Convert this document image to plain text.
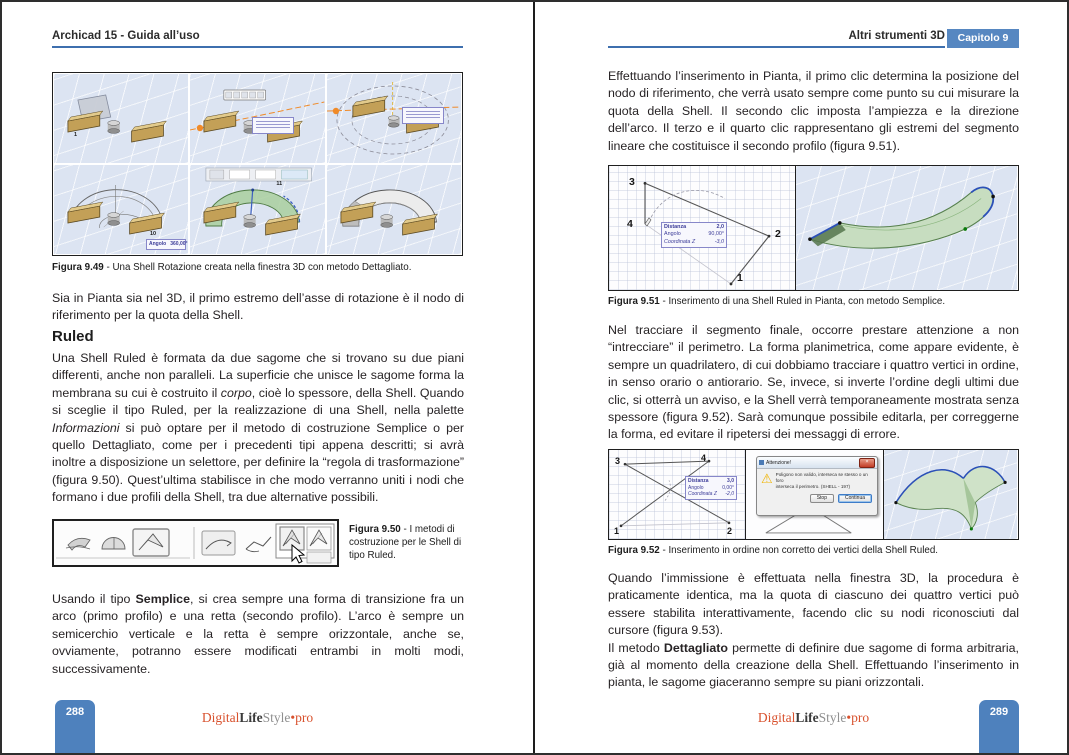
Archicad 15 - Guida all’uso
1
10
Angolo 360,00°
11
Figura 9.49 - Una Shell Rotazione creata nella finestra 3D con metodo Dettagliato.
Sia in Pianta sia nel 3D, il primo estremo dell’asse di rotazione è il nodo di riferimento per la quota della Shell.
Ruled
Una Shell Ruled è formata da due sagome che si trovano su due piani differenti, anche non paralleli. La superficie che unisce le sagome forma la membrana su cui è costruito il corpo, cioè lo spessore, della Shell. Quando si sceglie il tipo Ruled, per la realizzazione di una Shell, nella palette Informazioni si può optare per il metodo di costruzione Semplice o per quello Dettagliato, come per i precedenti tipi appena descritti; si avrà inoltre a disposizione un selettore, per definire la “regola di trasformazione” (figura 9.50). Quest’ultima stabilisce in che modo verranno uniti i nodi che formano i due profili della Shell, tra due alternative possibili.
Figura 9.50 - I metodi di costruzione per le Shell di tipo Ruled.
Usando il tipo Semplice, si crea sempre una forma di transizione fra un arco (primo profilo) e una retta (secondo profilo). L’arco è sempre un semicerchio verticale e la retta è sempre orizzontale, anche se, ovviamente, potranno essere modificati entrambi in molti modi, successivamente.
288	DigitalLifeStyle•pro
Altri strumenti 3D	Capitolo 9
Effettuando l’inserimento in Pianta, il primo clic determina la posizione del nodo di riferimento, che verrà usato sempre come punto su cui misurare la quota della Shell. Il secondo clic imposta l’ampiezza e la direzione dell’arco. Il terzo e il quarto clic rappresentano gli estremi del segmento lineare che costituisce il secondo profilo (figura 9.51).
3
4
2
1
Distanza	2,0
Angolo	90,00°
Coordinata Z	-3,0
Figura 9.51 - Inserimento di una Shell Ruled in Pianta, con metodo Semplice.
Nel tracciare il segmento finale, occorre prestare attenzione a non “intrecciare” il perimetro. La forma planimetrica, come appare evidente, è sempre un quadrilatero, di cui dobbiamo tracciare i quattro vertici in ordine, in senso orario o antiorario. Se, invece, si inverte l’ordine degli ultimi due clic, si otterrà un avviso, e la Shell verrà temporaneamente mostrata senza spessore (figura 9.52). Sarà comunque possibile editarla, per correggerne la forma, ed evitare il ripetersi dei messaggi di errore.
3	4
1	2
Distanza	3,0
Angolo	0,00°
Coordinata Z -2,0
Attenzione!	×
⚠ Poligono non valido, interseca se stesso o un foro
interseca il perimetro. (SHELL - 197)
Stop	Continua
Figura 9.52 - Inserimento in ordine non corretto dei vertici della Shell Ruled.
Quando l’immissione è effettuata nella finestra 3D, la procedura è praticamente identica, ma la quota di ciascuno dei quattro vertici può essere stabilita interattivamente, facendo clic su nodi riconosciuti dal cursore (figura 9.53).
Il metodo Dettagliato permette di definire due sagome di forma arbitraria, già al momento della creazione della Shell. Effettuando l’inserimento in pianta, le sagome giaceranno sempre su piani orizzontali.
DigitalLifeStyle•pro	289
